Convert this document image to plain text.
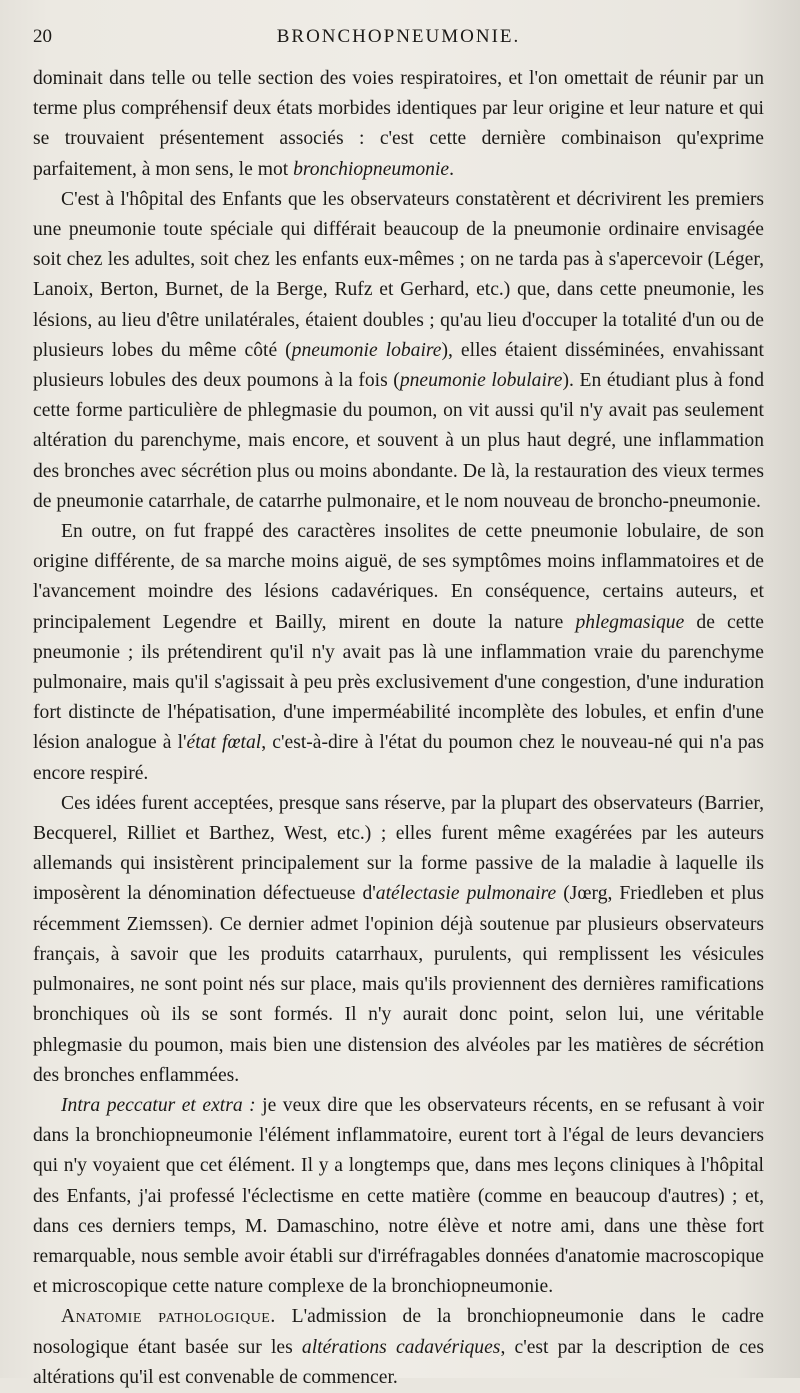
20	BRONCHOPNEUMONIE.

dominait dans telle ou telle section des voies respiratoires, et l'on omettait de réunir par un terme plus compréhensif deux états morbides identiques par leur origine et leur nature et qui se trouvaient présentement associés : c'est cette dernière combinaison qu'exprime parfaitement, à mon sens, le mot bronchiopneumonie.

C'est à l'hôpital des Enfants que les observateurs constatèrent et décrivirent les premiers une pneumonie toute spéciale qui différait beaucoup de la pneumonie ordinaire envisagée soit chez les adultes, soit chez les enfants eux-mêmes ; on ne tarda pas à s'apercevoir (Léger, Lanoix, Berton, Burnet, de la Berge, Rufz et Gerhard, etc.) que, dans cette pneumonie, les lésions, au lieu d'être unilatérales, étaient doubles ; qu'au lieu d'occuper la totalité d'un ou de plusieurs lobes du même côté (pneumonie lobaire), elles étaient disséminées, envahissant plusieurs lobules des deux poumons à la fois (pneumonie lobulaire). En étudiant plus à fond cette forme particulière de phlegmasie du poumon, on vit aussi qu'il n'y avait pas seulement altération du parenchyme, mais encore, et souvent à un plus haut degré, une inflammation des bronches avec sécrétion plus ou moins abondante. De là, la restauration des vieux termes de pneumonie catarrhale, de catarrhe pulmonaire, et le nom nouveau de broncho-pneumonie.

En outre, on fut frappé des caractères insolites de cette pneumonie lobulaire, de son origine différente, de sa marche moins aiguë, de ses symptômes moins inflammatoires et de l'avancement moindre des lésions cadavériques. En conséquence, certains auteurs, et principalement Legendre et Bailly, mirent en doute la nature phlegmasique de cette pneumonie ; ils prétendirent qu'il n'y avait pas là une inflammation vraie du parenchyme pulmonaire, mais qu'il s'agissait à peu près exclusivement d'une congestion, d'une induration fort distincte de l'hépatisation, d'une imperméabilité incomplète des lobules, et enfin d'une lésion analogue à l'état fœtal, c'est-à-dire à l'état du poumon chez le nouveau-né qui n'a pas encore respiré.

Ces idées furent acceptées, presque sans réserve, par la plupart des observateurs (Barrier, Becquerel, Rilliet et Barthez, West, etc.) ; elles furent même exagérées par les auteurs allemands qui insistèrent principalement sur la forme passive de la maladie à laquelle ils imposèrent la dénomination défectueuse d'atélectasie pulmonaire (Jœrg, Friedleben et plus récemment Ziemssen). Ce dernier admet l'opinion déjà soutenue par plusieurs observateurs français, à savoir que les produits catarrhaux, purulents, qui remplissent les vésicules pulmonaires, ne sont point nés sur place, mais qu'ils proviennent des dernières ramifications bronchiques où ils se sont formés. Il n'y aurait donc point, selon lui, une véritable phlegmasie du poumon, mais bien une distension des alvéoles par les matières de sécrétion des bronches enflammées.

Intra peccatur et extra : je veux dire que les observateurs récents, en se refusant à voir dans la bronchiopneumonie l'élément inflammatoire, eurent tort à l'égal de leurs devanciers qui n'y voyaient que cet élément. Il y a longtemps que, dans mes leçons cliniques à l'hôpital des Enfants, j'ai professé l'éclectisme en cette matière (comme en beaucoup d'autres) ; et, dans ces derniers temps, M. Damaschino, notre élève et notre ami, dans une thèse fort remarquable, nous semble avoir établi sur d'irréfragables données d'anatomie macroscopique et microscopique cette nature complexe de la bronchiopneumonie.

Anatomie pathologique. L'admission de la bronchiopneumonie dans le cadre nosologique étant basée sur les altérations cadavériques, c'est par la description de ces altérations qu'il est convenable de commencer.
